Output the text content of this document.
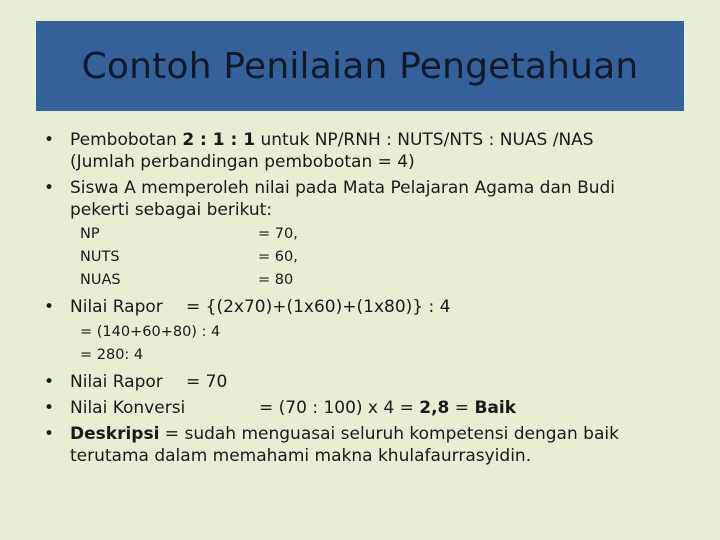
Contoh Penilaian Pengetahuan
• Pembobotan 2 : 1 : 1 untuk NP/RNH : NUTS/NTS : NUAS /NAS
(Jumlah perbandingan pembobotan = 4)
• Siswa A memperoleh nilai pada Mata Pelajaran Agama dan Budi
pekerti sebagai berikut:
NP	= 70,
NUTS	= 60,
NUAS	= 80
• Nilai Rapor = {(2x70)+(1x60)+(1x80)} : 4
= (140+60+80) : 4
= 280: 4
• Nilai Rapor = 70
• Nilai Konversi	= (70 : 100) x 4 = 2,8 = Baik
• Deskripsi = sudah menguasai seluruh kompetensi dengan baik
terutama dalam memahami makna khulafaurrasyidin.
